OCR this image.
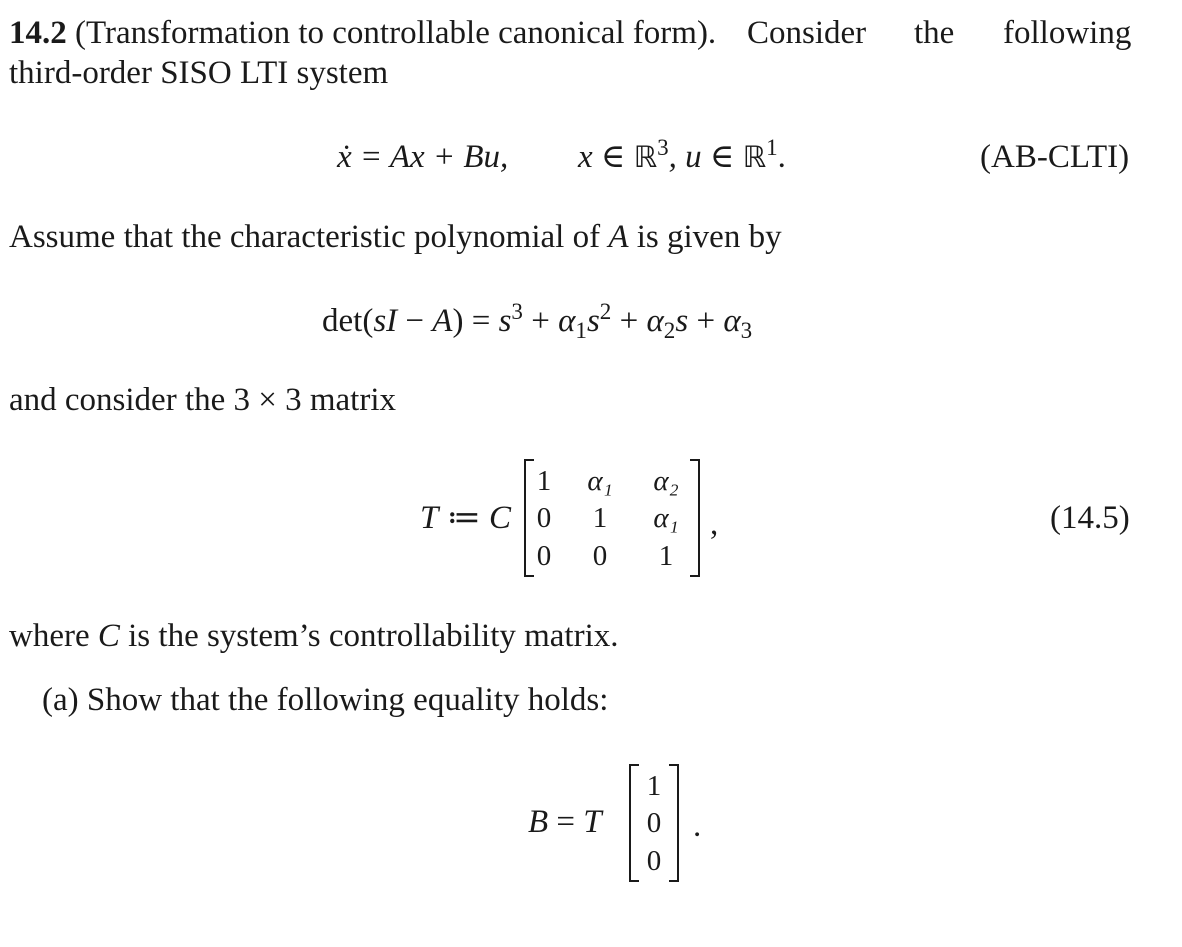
14.2 (Transformation to controllable canonical form). Consider the following
third-order SISO LTI system
ẋ = Ax + Bu, x ∈ ℝ$^3$, u ∈ ℝ$^1$.	(AB-CLTI)
Assume that the characteristic polynomial of A is given by
$\det(sI - A) = s^3 + \alpha_1s^2 + \alpha_2s + \alpha_3$
and consider the 3 × 3 matrix
T ≔ C
1	α₁	α₂
0	1	α₁
0	0	1
,	(14.5)
where C is the system’s controllability matrix.
(a) Show that the following equality holds:
B = T
1
0
0
.
